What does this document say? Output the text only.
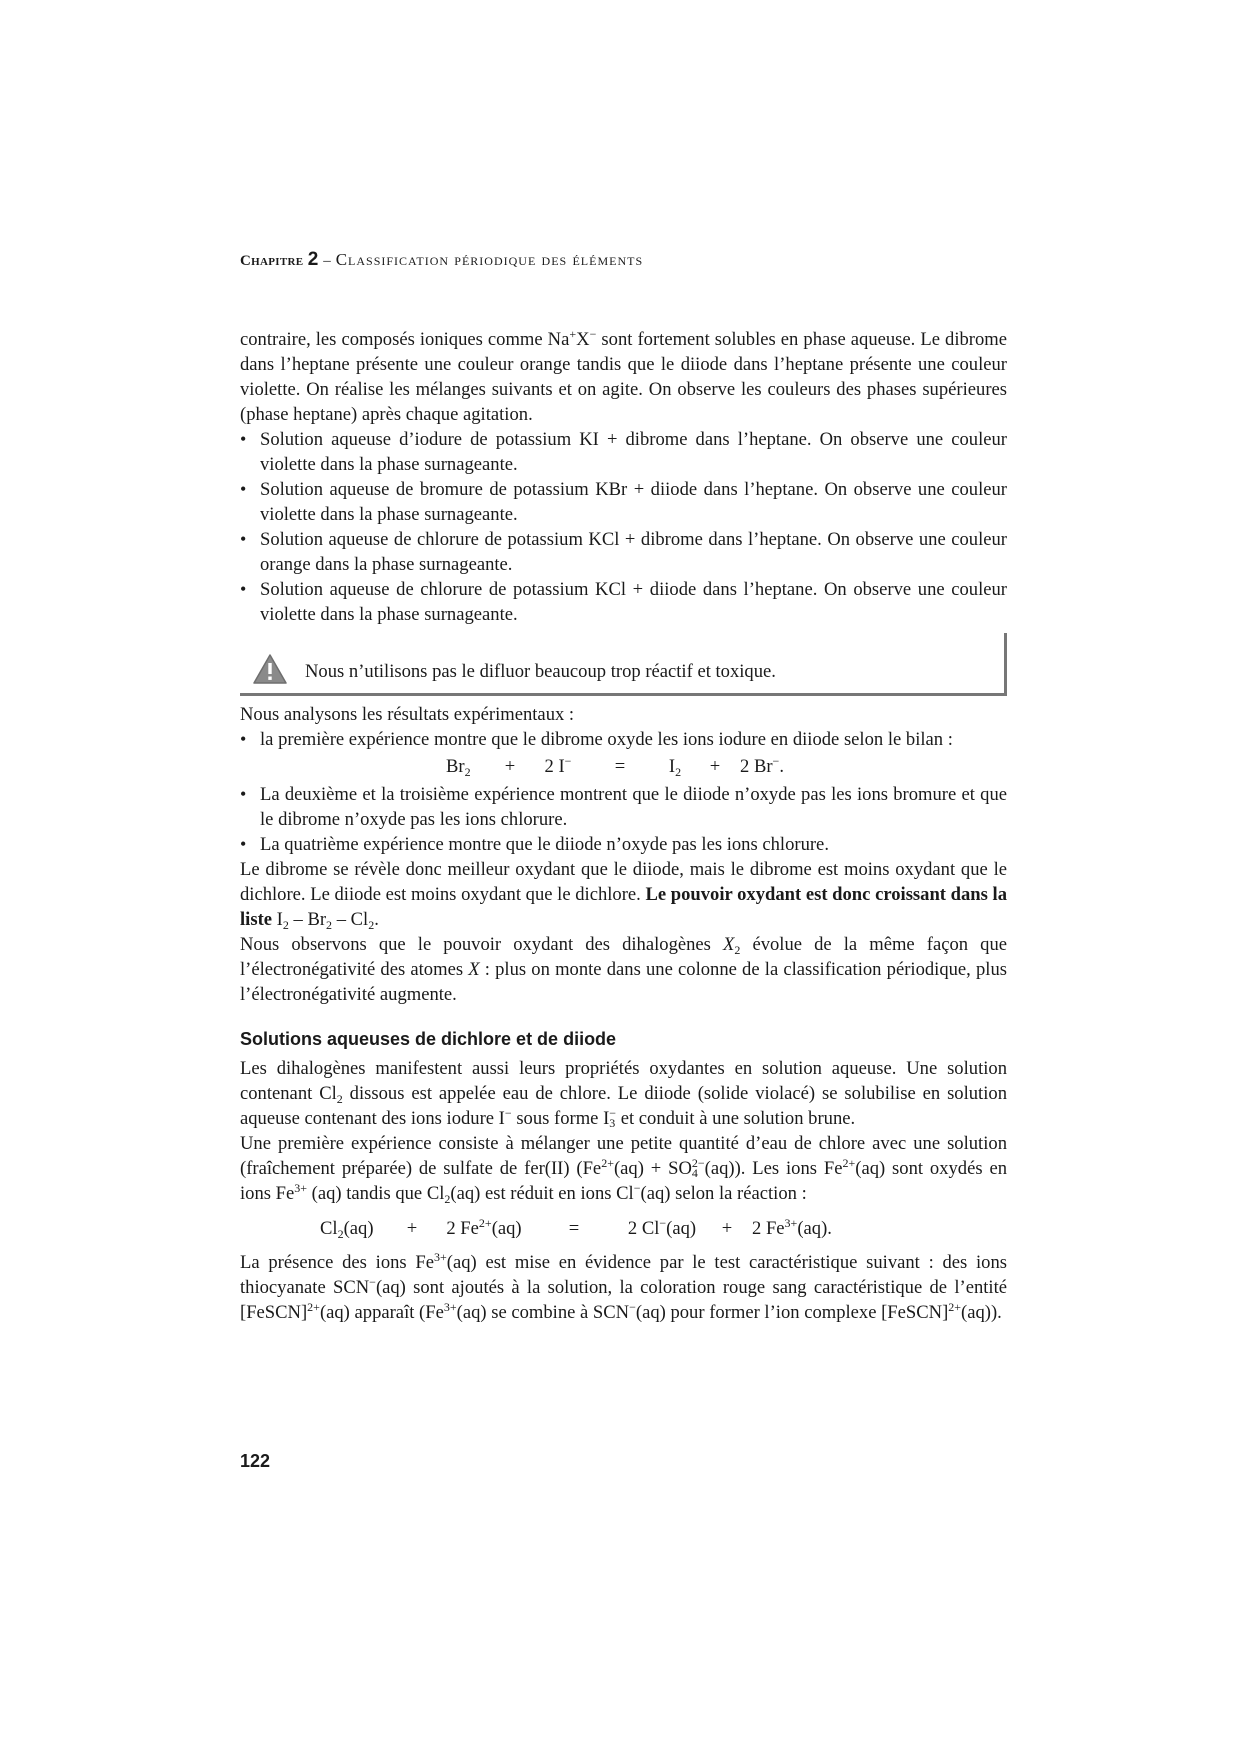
Chapitre 2 – Classification périodique des éléments

contraire, les composés ioniques comme Na+X− sont fortement solubles en phase aqueuse. Le dibrome dans l’heptane présente une couleur orange tandis que le diiode dans l’heptane présente une couleur violette. On réalise les mélanges suivants et on agite. On observe les couleurs des phases supérieures (phase heptane) après chaque agitation.

• Solution aqueuse d’iodure de potassium KI + dibrome dans l’heptane. On observe une couleur violette dans la phase surnageante.
• Solution aqueuse de bromure de potassium KBr + diiode dans l’heptane. On observe une couleur violette dans la phase surnageante.
• Solution aqueuse de chlorure de potassium KCl + dibrome dans l’heptane. On observe une couleur orange dans la phase surnageante.
• Solution aqueuse de chlorure de potassium KCl + diiode dans l’heptane. On observe une couleur violette dans la phase surnageante.
Nous n’utilisons pas le difluor beaucoup trop réactif et toxique.

Nous analysons les résultats expérimentaux :

• la première expérience montre que le dibrome oxyde les ions iodure en diiode selon le bilan :
$Br_2$	+	2 I−	=	$I_2$	+	2 Br−.
• La deuxième et la troisième expérience montrent que le diiode n’oxyde pas les ions bromure et que le dibrome n’oxyde pas les ions chlorure.
• La quatrième expérience montre que le diiode n’oxyde pas les ions chlorure.

Le dibrome se révèle donc meilleur oxydant que le diiode, mais le dibrome est moins oxydant que le dichlore. Le diiode est moins oxydant que le dichlore. Le pouvoir oxydant est donc croissant dans la liste $I_2 - Br_2 - Cl_2$.

Nous observons que le pouvoir oxydant des dihalogènes $X_2$ évolue de la même façon que l’électronégativité des atomes X : plus on monte dans une colonne de la classification périodique, plus l’électronégativité augmente.

Solutions aqueuses de dichlore et de diiode

Les dihalogènes manifestent aussi leurs propriétés oxydantes en solution aqueuse. Une solution contenant $Cl_2$ dissous est appelée eau de chlore. Le diiode (solide violacé) se solubilise en solution aqueuse contenant des ions iodure I− sous forme I −
3 et conduit à une solution brune.

Une première expérience consiste à mélanger une petite quantité d’eau de chlore avec une solution (fraîchement préparée) de sulfate de fer(II) ($Fe^{2+}(aq)$ + SO 2−
4 (aq)). Les ions $Fe^{2+}(aq)$ sont oxydés en ions $Fe^{3+}$ (aq) tandis que $Cl_2(aq)$ est réduit en ions Cl−(aq) selon la réaction :

$Cl_2(aq)$	+	2 $Fe^{2+}(aq)$	=	2 Cl−(aq)	+	2 $Fe^{3+}(aq)$.

La présence des ions $Fe^{3+}(aq)$ est mise en évidence par le test caractéristique suivant : des ions thiocyanate SCN−(aq) sont ajoutés à la solution, la coloration rouge sang caractéristique de l’entité [FeSCN]$^{2+}$(aq) apparaît ($Fe^{3+}(aq)$ se combine à SCN−(aq) pour former l’ion complexe [FeSCN]$^{2+}$(aq)).

122
